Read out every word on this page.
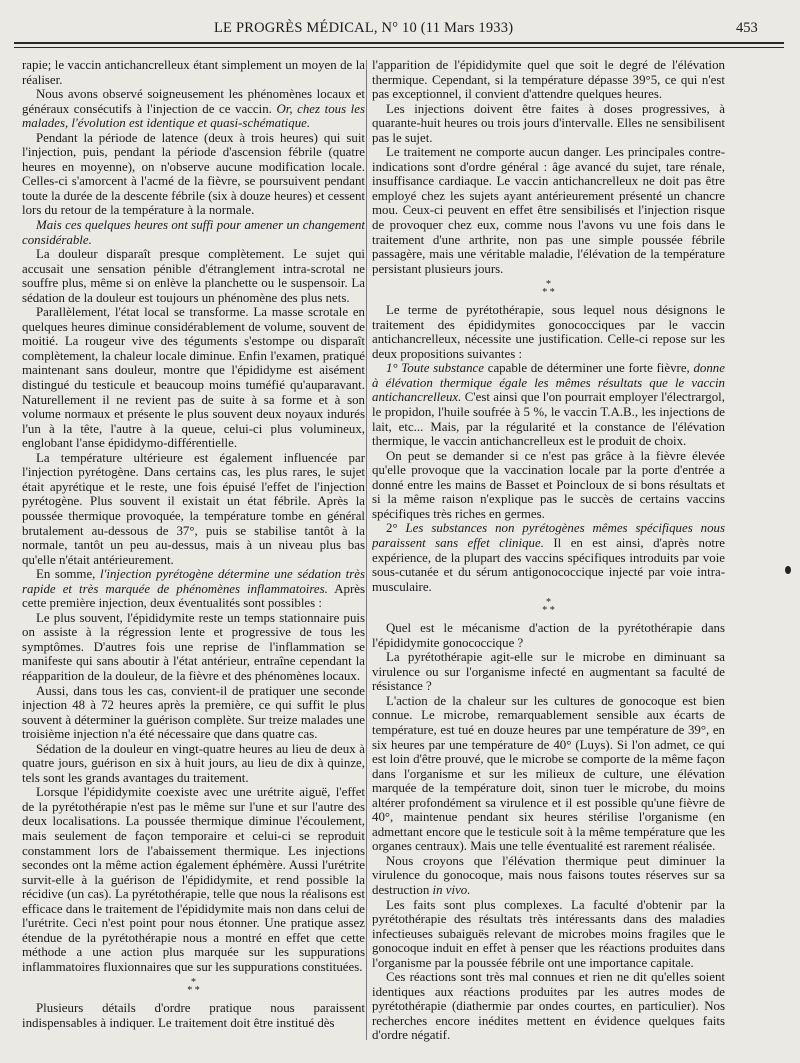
LE PROGRÈS MÉDICAL, N° 10 (11 Mars 1933)	453

rapie; le vaccin antichancrelleux étant simplement un moyen de la réaliser.

Nous avons observé soigneusement les phénomènes locaux et généraux consécutifs à l'injection de ce vaccin. Or, chez tous les malades, l'évolution est identique et quasi-schématique.

Pendant la période de latence (deux à trois heures) qui suit l'injection, puis, pendant la période d'ascension fébrile (quatre heures en moyenne), on n'observe aucune modification locale. Celles-ci s'amorcent à l'acmé de la fièvre, se poursuivent pendant toute la durée de la descente fébrile (six à douze heures) et cessent lors du retour de la température à la normale.

Mais ces quelques heures ont suffi pour amener un changement considérable.

La douleur disparaît presque complètement. Le sujet qui accusait une sensation pénible d'étranglement intra-scrotal ne souffre plus, même si on enlève la planchette ou le suspensoir. La sédation de la douleur est toujours un phénomène des plus nets.

Parallèlement, l'état local se transforme. La masse scrotale en quelques heures diminue considérablement de volume, souvent de moitié. La rougeur vive des téguments s'estompe ou disparaît complètement, la chaleur locale diminue. Enfin l'examen, pratiqué maintenant sans douleur, montre que l'épididyme est aisément distingué du testicule et beaucoup moins tuméfié qu'auparavant. Naturellement il ne revient pas de suite à sa forme et à son volume normaux et présente le plus souvent deux noyaux indurés l'un à la tête, l'autre à la queue, celui-ci plus volumineux, englobant l'anse épididymo-différentielle.

La température ultérieure est également influencée par l'injection pyrétogène. Dans certains cas, les plus rares, le sujet était apyrétique et le reste, une fois épuisé l'effet de l'injection pyrétogène. Plus souvent il existait un état fébrile. Après la poussée thermique provoquée, la température tombe en général brutalement au-dessous de 37°, puis se stabilise tantôt à la normale, tantôt un peu au-dessus, mais à un niveau plus bas qu'elle n'était antérieurement.

En somme, l'injection pyrétogène détermine une sédation très rapide et très marquée de phénomènes inflammatoires. Après cette première injection, deux éventualités sont possibles :

Le plus souvent, l'épididymite reste un temps stationnaire puis on assiste à la régression lente et progressive de tous les symptômes. D'autres fois une reprise de l'inflammation se manifeste qui sans aboutir à l'état antérieur, entraîne cependant la réapparition de la douleur, de la fièvre et des phénomènes locaux.

Aussi, dans tous les cas, convient-il de pratiquer une seconde injection 48 à 72 heures après la première, ce qui suffit le plus souvent à déterminer la guérison complète. Sur treize malades une troisième injection n'a été nécessaire que dans quatre cas.

Sédation de la douleur en vingt-quatre heures au lieu de deux à quatre jours, guérison en six à huit jours, au lieu de dix à quinze, tels sont les grands avantages du traitement.

Lorsque l'épididymite coexiste avec une urétrite aiguë, l'effet de la pyrétothérapie n'est pas le même sur l'une et sur l'autre des deux localisations. La poussée thermique diminue l'écoulement, mais seulement de façon temporaire et celui-ci se reproduit constamment lors de l'abaissement thermique. Les injections secondes ont la même action également éphémère. Aussi l'urétrite survit-elle à la guérison de l'épididymite, et rend possible la récidive (un cas). La pyrétothérapie, telle que nous la réalisons est efficace dans le traitement de l'épididymite mais non dans celui de l'urétrite. Ceci n'est point pour nous étonner. Une pratique assez étendue de la pyrétothérapie nous a montré en effet que cette méthode a une action plus marquée sur les suppurations inflammatoires fluxionnaires que sur les suppurations constituées.

*
* *

Plusieurs détails d'ordre pratique nous paraissent indispensables à indiquer. Le traitement doit être institué dès

l'apparition de l'épididymite quel que soit le degré de l'élévation thermique. Cependant, si la température dépasse 39°5, ce qui n'est pas exceptionnel, il convient d'attendre quelques heures.

Les injections doivent être faites à doses progressives, à quarante-huit heures ou trois jours d'intervalle. Elles ne sensibilisent pas le sujet.

Le traitement ne comporte aucun danger. Les principales contre-indications sont d'ordre général : âge avancé du sujet, tare rénale, insuffisance cardiaque. Le vaccin antichancrelleux ne doit pas être employé chez les sujets ayant antérieurement présenté un chancre mou. Ceux-ci peuvent en effet être sensibilisés et l'injection risque de provoquer chez eux, comme nous l'avons vu une fois dans le traitement d'une arthrite, non pas une simple poussée fébrile passagère, mais une véritable maladie, l'élévation de la température persistant plusieurs jours.

*
* *

Le terme de pyrétothérapie, sous lequel nous désignons le traitement des épididymites gonococciques par le vaccin antichancrelleux, nécessite une justification. Celle-ci repose sur les deux propositions suivantes :

1° Toute substance capable de déterminer une forte fièvre, donne à élévation thermique égale les mêmes résultats que le vaccin antichancrelleux. C'est ainsi que l'on pourrait employer l'électrargol, le propidon, l'huile soufrée à 5 %, le vaccin T.A.B., les injections de lait, etc... Mais, par la régularité et la constance de l'élévation thermique, le vaccin antichancrelleux est le produit de choix.

On peut se demander si ce n'est pas grâce à la fièvre élevée qu'elle provoque que la vaccination locale par la porte d'entrée a donné entre les mains de Basset et Poincloux de si bons résultats et si la même raison n'explique pas le succès de certains vaccins spécifiques très riches en germes.

2° Les substances non pyrétogènes mêmes spécifiques nous paraissent sans effet clinique. Il en est ainsi, d'après notre expérience, de la plupart des vaccins spécifiques introduits par voie sous-cutanée et du sérum antigonococcique injecté par voie intra-musculaire.

*
* *

Quel est le mécanisme d'action de la pyrétothérapie dans l'épididymite gonococcique ?

La pyrétothérapie agit-elle sur le microbe en diminuant sa virulence ou sur l'organisme infecté en augmentant sa faculté de résistance ?

L'action de la chaleur sur les cultures de gonocoque est bien connue. Le microbe, remarquablement sensible aux écarts de température, est tué en douze heures par une température de 39°, en six heures par une température de 40° (Luys). Si l'on admet, ce qui est loin d'être prouvé, que le microbe se comporte de la même façon dans l'organisme et sur les milieux de culture, une élévation marquée de la température doit, sinon tuer le microbe, du moins altérer profondément sa virulence et il est possible qu'une fièvre de 40°, maintenue pendant six heures stérilise l'organisme (en admettant encore que le testicule soit à la même température que les organes centraux). Mais une telle éventualité est rarement réalisée.

Nous croyons que l'élévation thermique peut diminuer la virulence du gonocoque, mais nous faisons toutes réserves sur sa destruction in vivo.

Les faits sont plus complexes. La faculté d'obtenir par la pyrétothérapie des résultats très intéressants dans des maladies infectieuses subaiguës relevant de microbes moins fragiles que le gonocoque induit en effet à penser que les réactions produites dans l'organisme par la poussée fébrile ont une importance capitale.

Ces réactions sont très mal connues et rien ne dit qu'elles soient identiques aux réactions produites par les autres modes de pyrétothérapie (diathermie par ondes courtes, en particulier). Nos recherches encore inédites mettent en évidence quelques faits d'ordre négatif.
